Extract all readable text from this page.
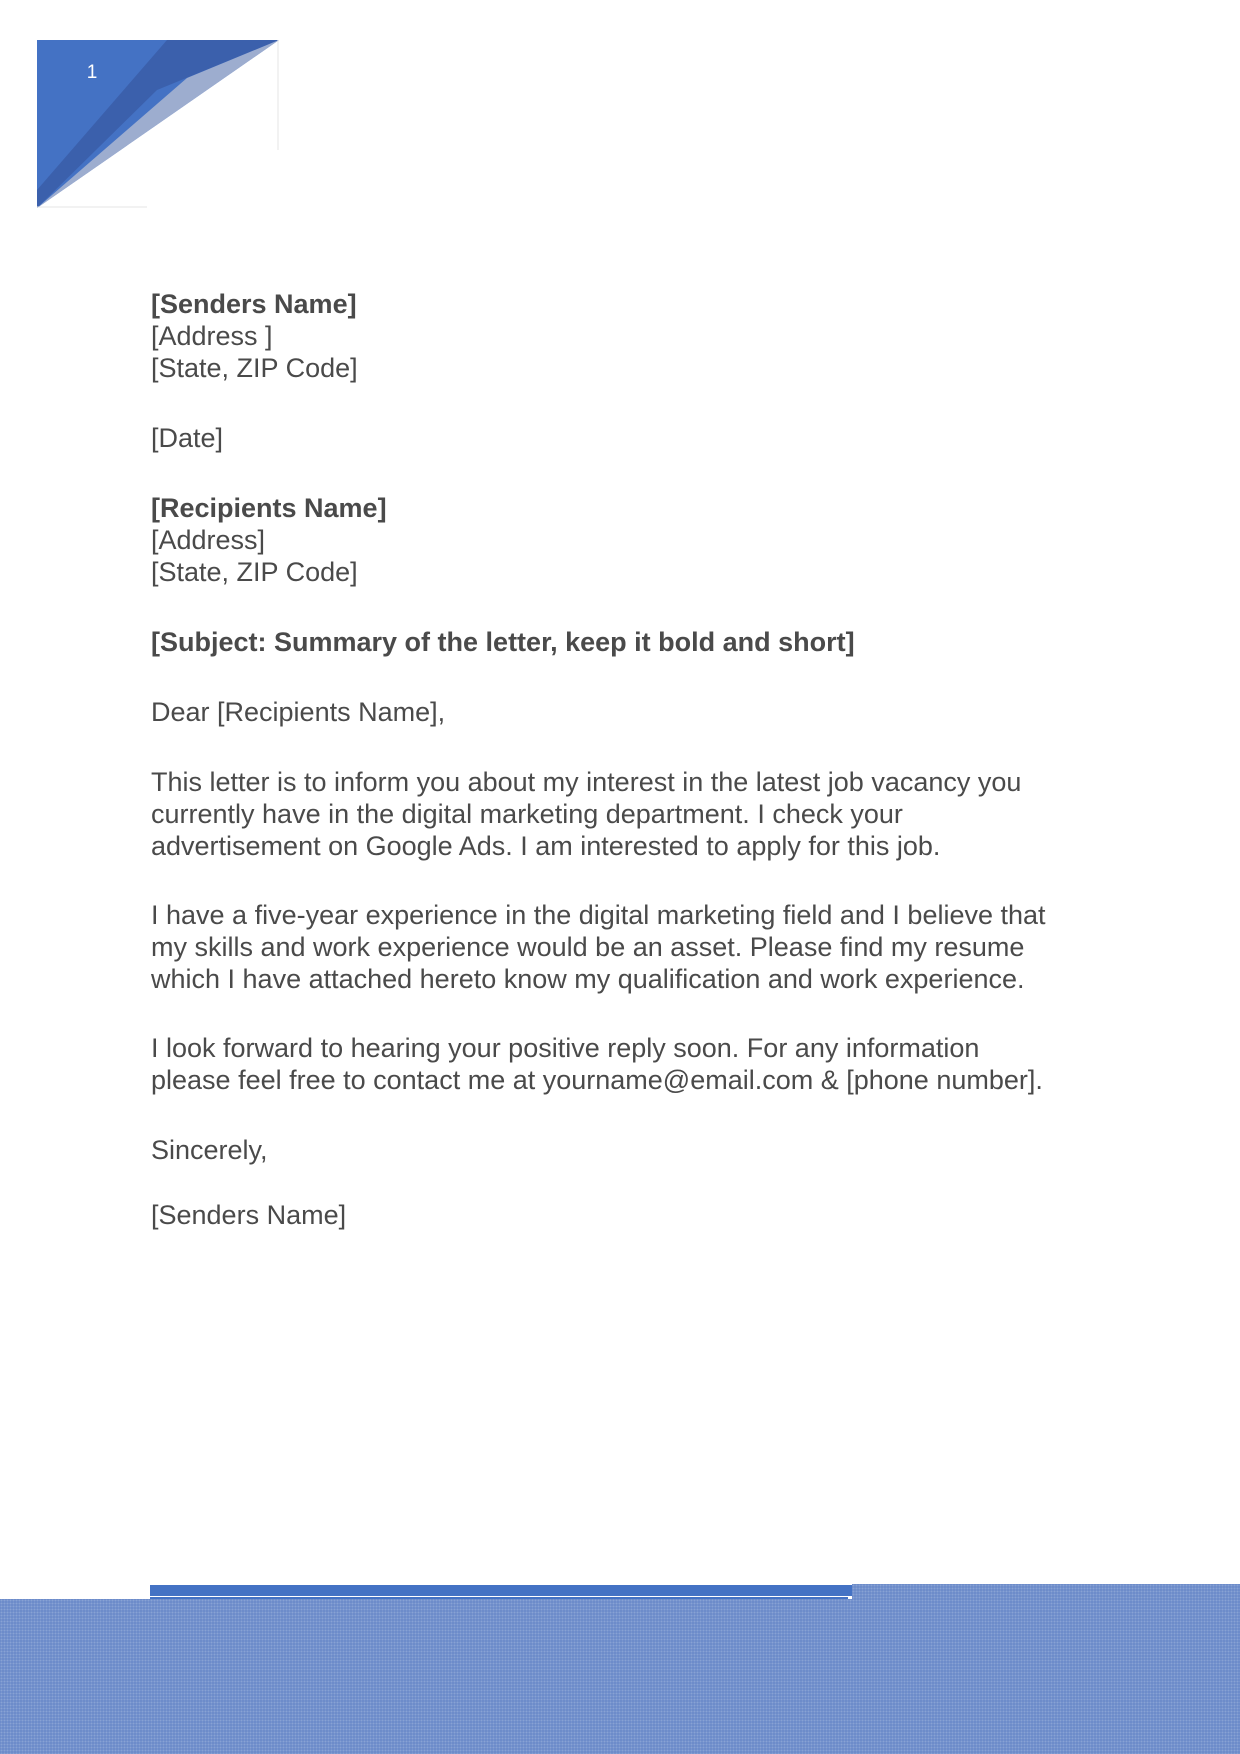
1
[Senders Name]
[Address ]
[State, ZIP Code]
[Date]
[Recipients Name]
[Address]
[State, ZIP Code]
[Subject: Summary of the letter, keep it bold and short]
Dear [Recipients Name],

This letter is to inform you about my interest in the latest job vacancy you
currently have in the digital marketing department. I check your
advertisement on Google Ads. I am interested to apply for this job.

I have a five-year experience in the digital marketing field and I believe that
my skills and work experience would be an asset. Please find my resume
which I have attached hereto know my qualification and work experience.

I look forward to hearing your positive reply soon. For any information
please feel free to contact me at yourname@email.com & [phone number].

Sincerely,
[Senders Name]
